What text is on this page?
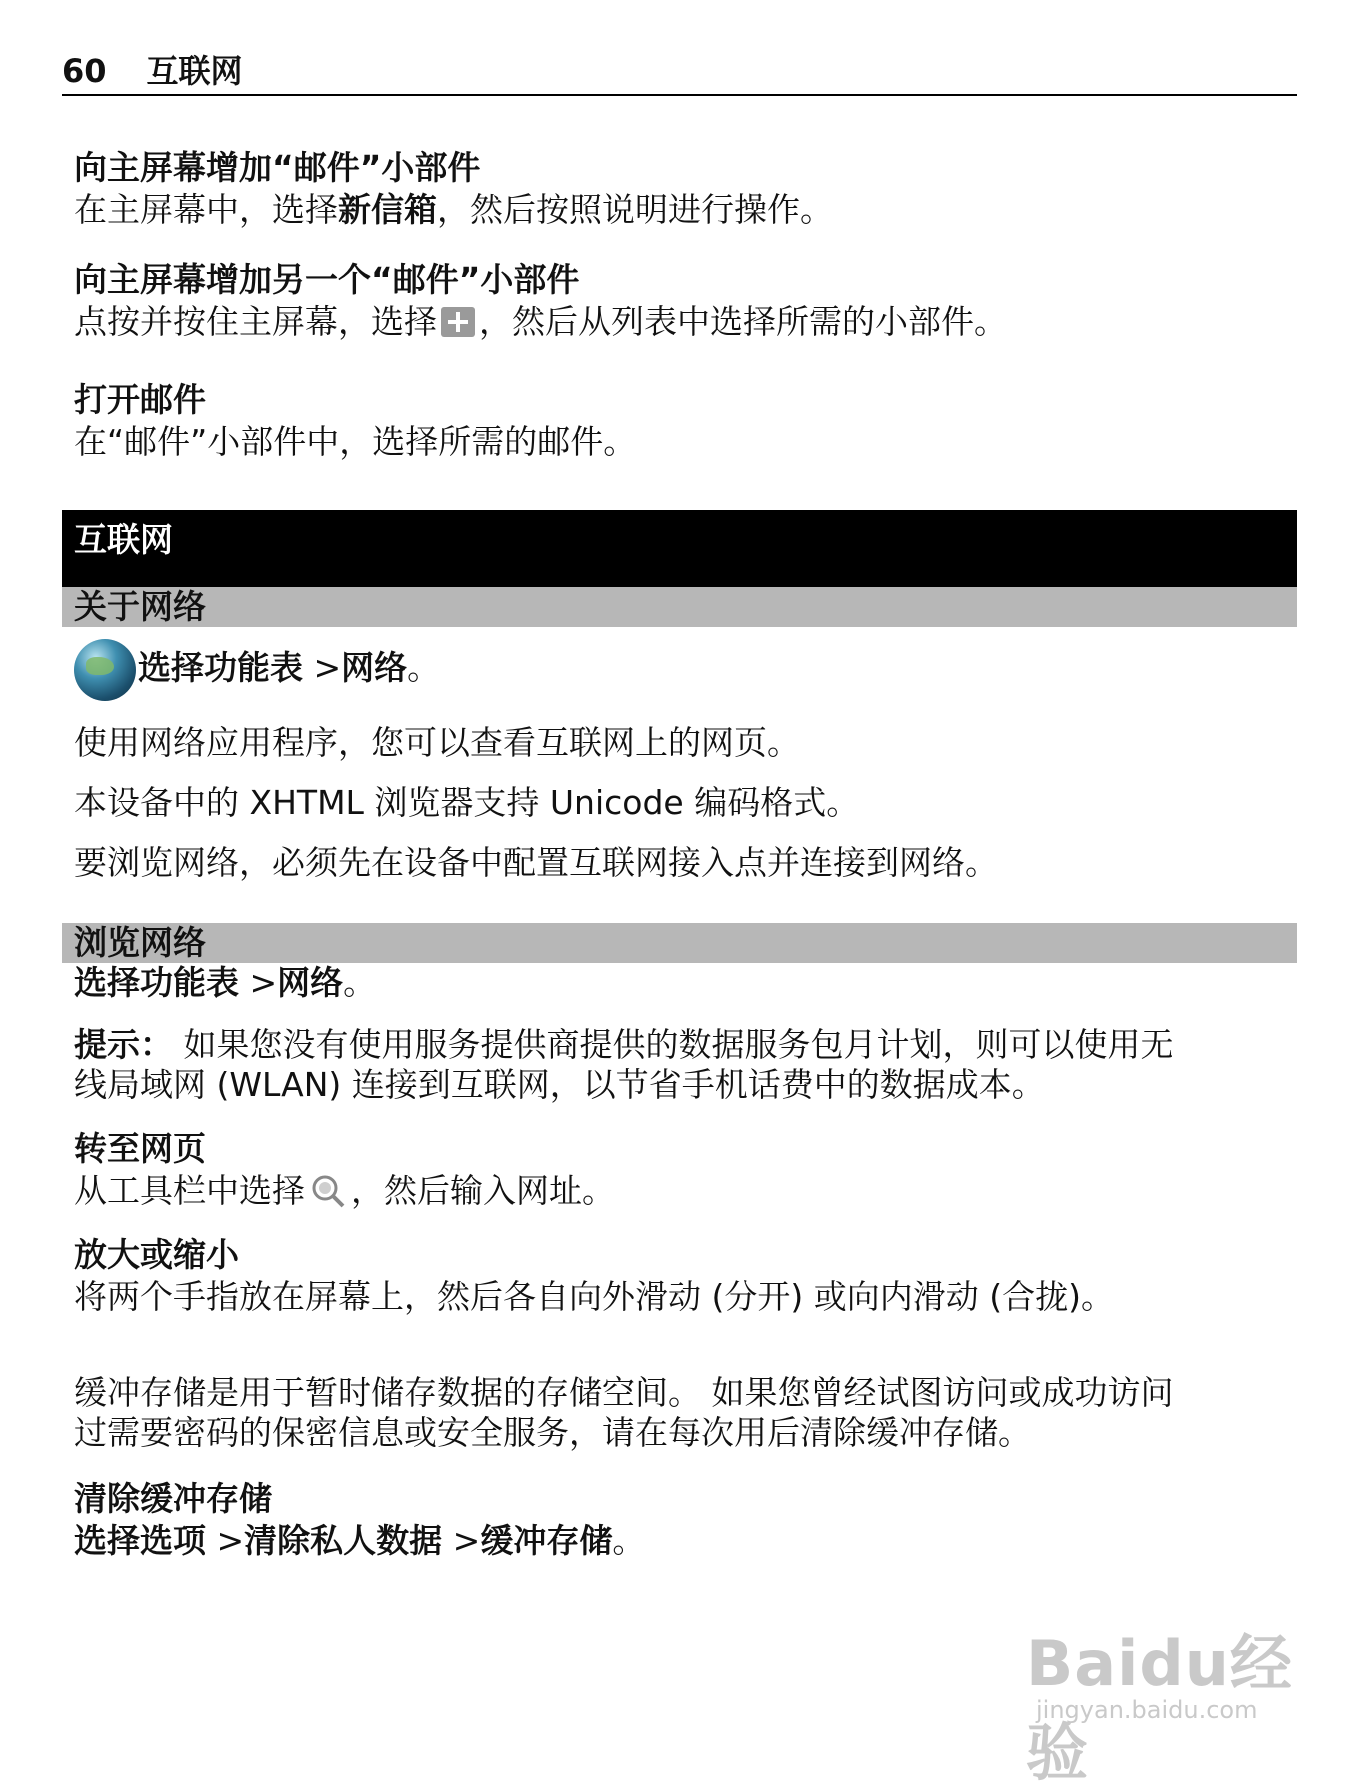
60 互联网

向主屏幕增加“邮件”小部件

在主屏幕中，选择新信箱，然后按照说明进行操作。

向主屏幕增加另一个“邮件”小部件

点按并按住主屏幕，选择 ，然后从列表中选择所需的小部件。

打开邮件

在“邮件”小部件中，选择所需的邮件。

互联网
关于网络

选择功能表 >网络。

使用网络应用程序，您可以查看互联网上的网页。

本设备中的 XHTML 浏览器支持 Unicode 编码格式。

要浏览网络，必须先在设备中配置互联网接入点并连接到网络。

浏览网络

选择功能表 >网络。

提示： 如果您没有使用服务提供商提供的数据服务包月计划，则可以使用无

线局域网 (WLAN) 连接到互联网，以节省手机话费中的数据成本。

转至网页

从工具栏中选择 ，然后输入网址。

放大或缩小

将两个手指放在屏幕上，然后各自向外滑动 (分开) 或向内滑动 (合拢)。

缓冲存储是用于暂时储存数据的存储空间。 如果您曾经试图访问或成功访问

过需要密码的保密信息或安全服务，请在每次用后清除缓冲存储。

清除缓冲存储

选择选项 >清除私人数据 >缓冲存储。

Baidu经验
jingyan.baidu.com
